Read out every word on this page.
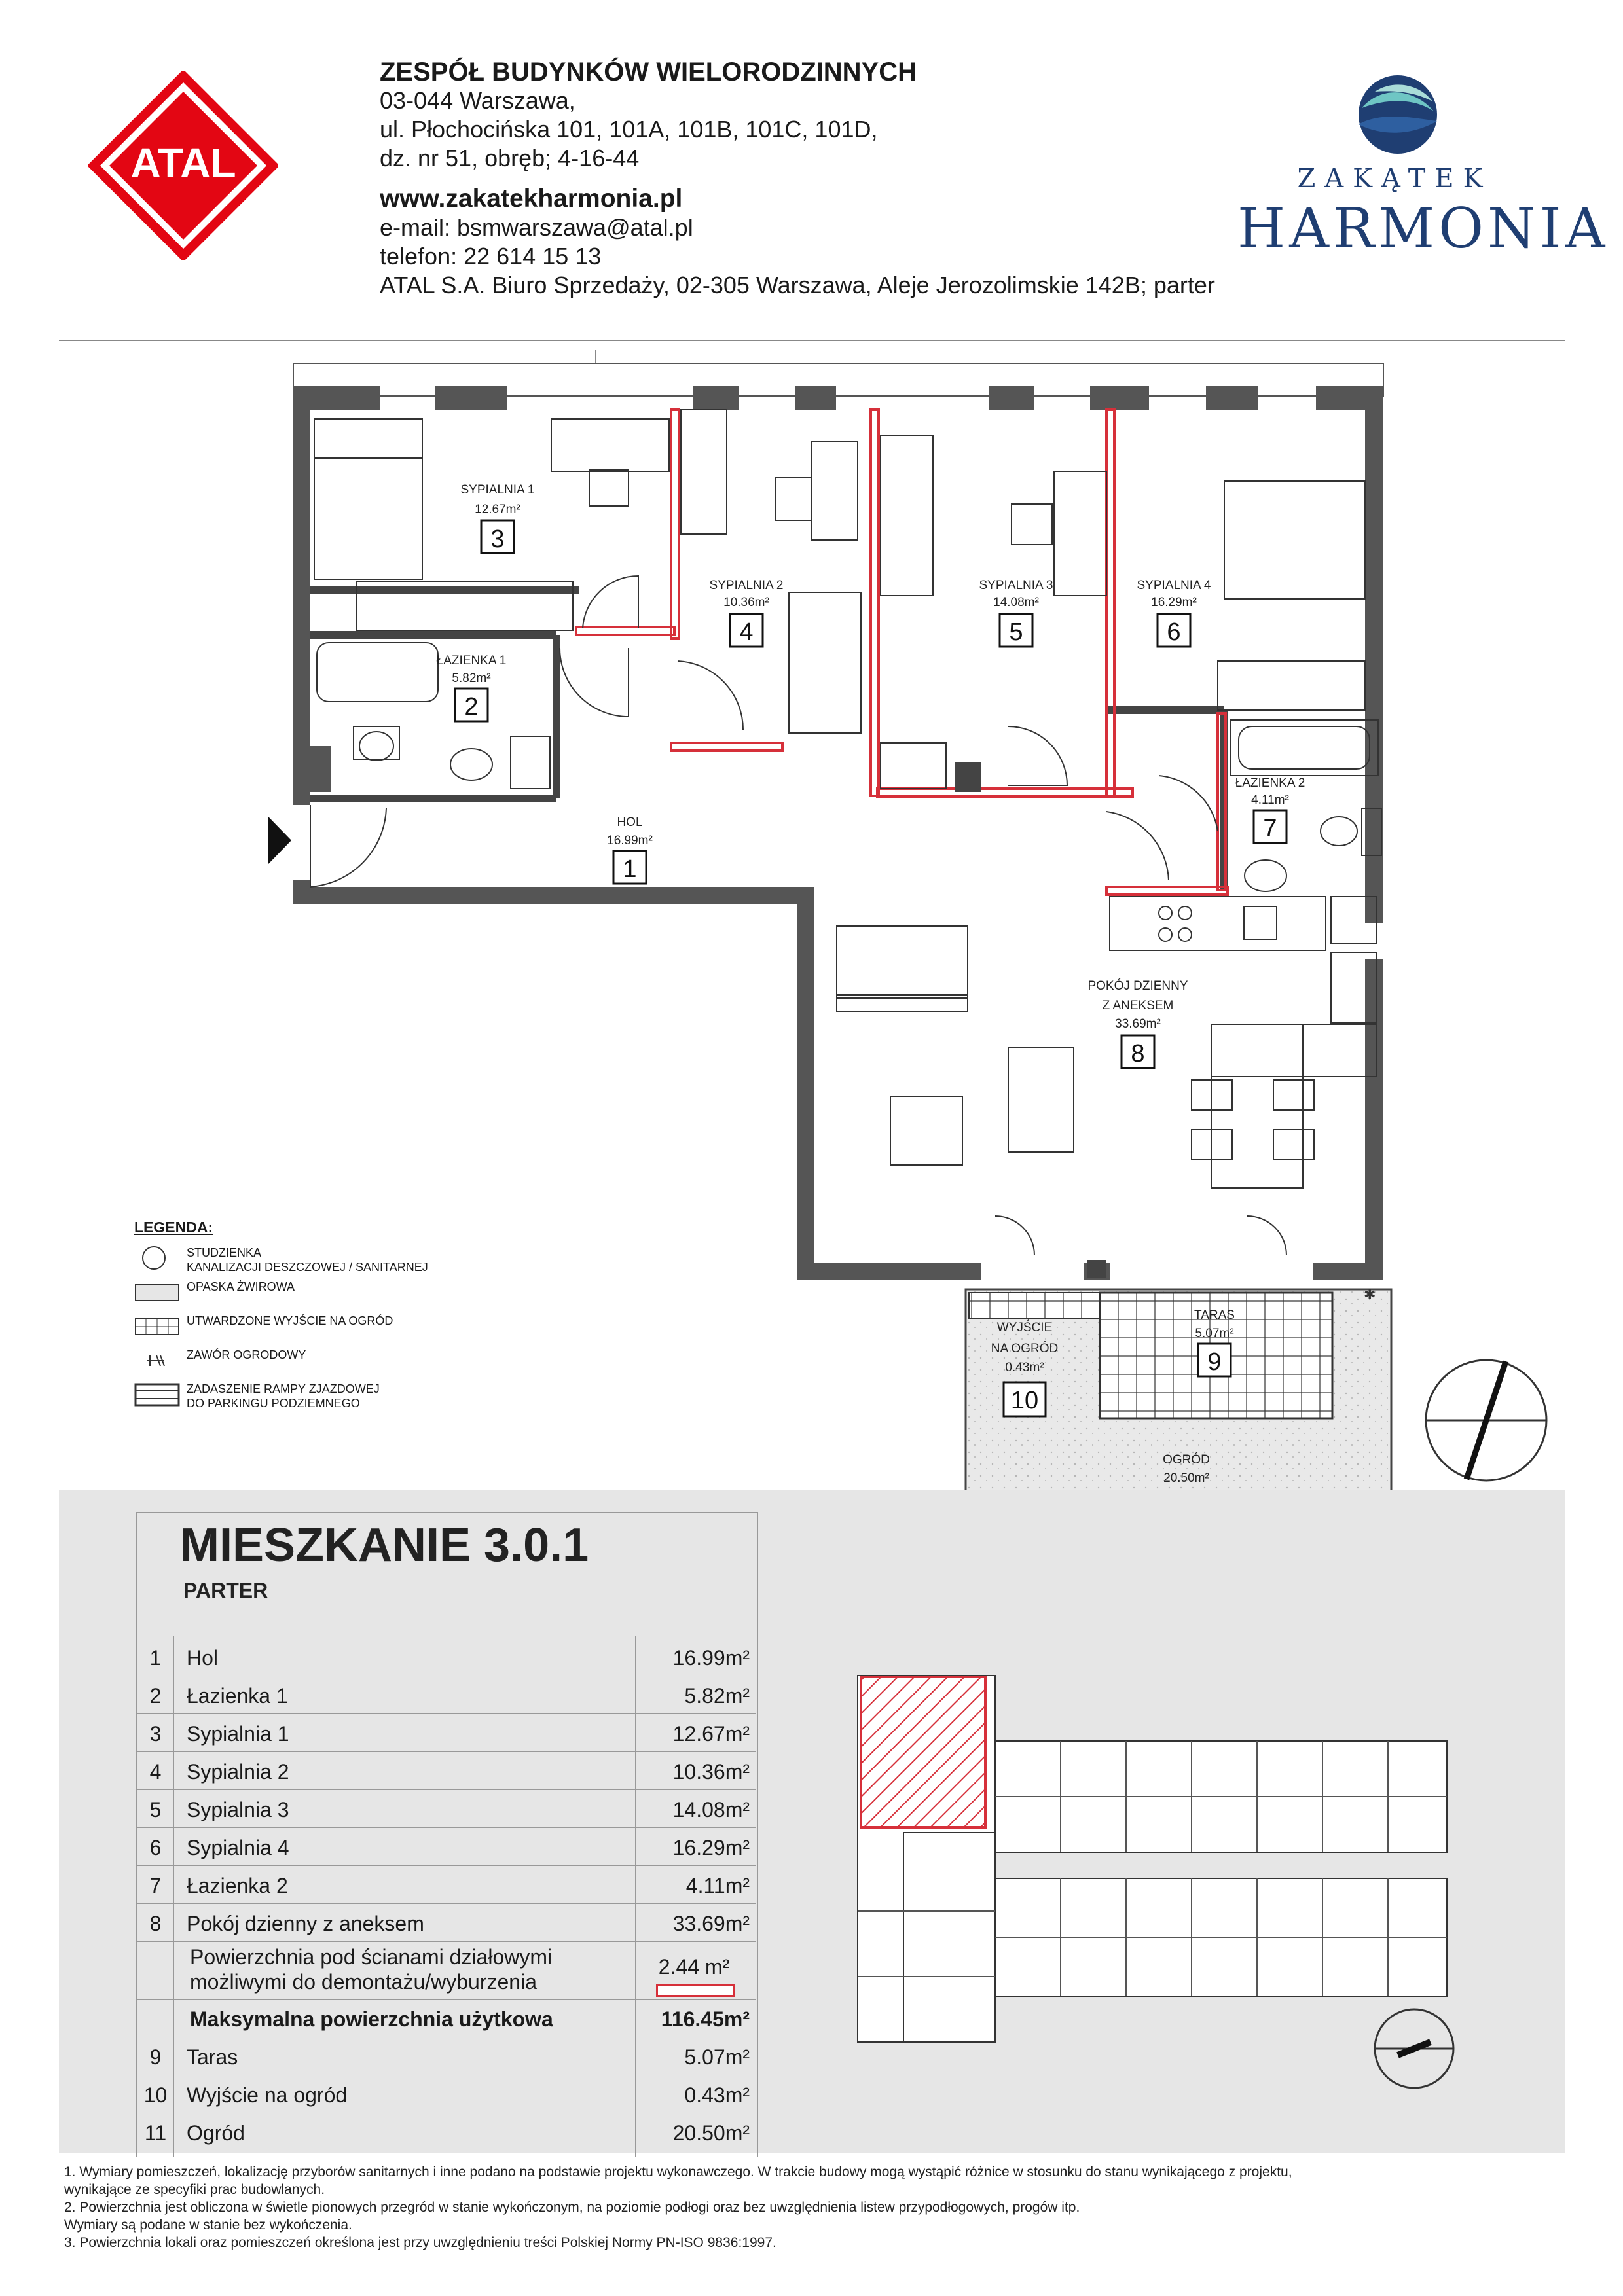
ATAL
ZESPÓŁ BUDYNKÓW WIELORODZINNYCH
03-044 Warszawa,
ul. Płochocińska 101, 101A, 101B, 101C, 101D,
dz. nr 51, obręb; 4-16-44
www.zakatekharmonia.pl
e-mail: bsmwarszawa@atal.pl
telefon: 22 614 15 13
ATAL S.A. Biuro Sprzedaży, 02-305 Warszawa, Aleje Jerozolimskie 142B; parter
ZAKĄTEK
HARMONIA
✱
SYPIALNIA 1
12.67m²
3
SYPIALNIA 2
10.36m²
4
SYPIALNIA 3
14.08m²
5
SYPIALNIA 4
16.29m²
6
ŁAZIENKA 1
5.82m²
2
ŁAZIENKA 2
4.11m²
7
HOL
16.99m²
1
POKÓJ DZIENNY
Z ANEKSEM
33.69m²
8
TARAS
5.07m²
9
WYJŚCIE
NA OGRÓD
0.43m²
10
OGRÓD
20.50m²
LEGENDA:
STUDZIENKA
KANALIZACJI DESZCZOWEJ / SANITARNEJ
OPASKA ŻWIROWA
UTWARDZONE WYJŚCIE NA OGRÓD
ZAWÓR OGRODOWY
ZADASZENIE RAMPY ZJAZDOWEJ
DO PARKINGU PODZIEMNEGO
MIESZKANIE 3.0.1
PARTER
1	Hol	16.99m²
2	Łazienka 1	5.82m²
3	Sypialnia 1	12.67m²
4	Sypialnia 2	10.36m²
5	Sypialnia 3	14.08m²
6	Sypialnia 4	16.29m²
7	Łazienka 2	4.11m²
8	Pokój dzienny z aneksem	33.69m²
Powierzchnia pod ścianami działowymi
możliwymi do demontażu/wyburzenia
2.44 m²
Maksymalna powierzchnia użytkowa	116.45m²
9	Taras	5.07m²
10 Wyjście na ogród	0.43m²
11 Ogród	20.50m²
1. Wymiary pomieszczeń, lokalizację przyborów sanitarnych i inne podano na podstawie projektu wykonawczego. W trakcie budowy mogą wystąpić różnice w stosunku do stanu wynikającego z projektu,
wynikające ze specyfiki prac budowlanych.
2. Powierzchnia jest obliczona w świetle pionowych przegród w stanie wykończonym, na poziomie podłogi oraz bez uwzględnienia listew przypodłogowych, progów itp.
Wymiary są podane w stanie bez wykończenia.
3. Powierzchnia lokali oraz pomieszczeń określona jest przy uwzględnieniu treści Polskiej Normy PN-ISO 9836:1997.
